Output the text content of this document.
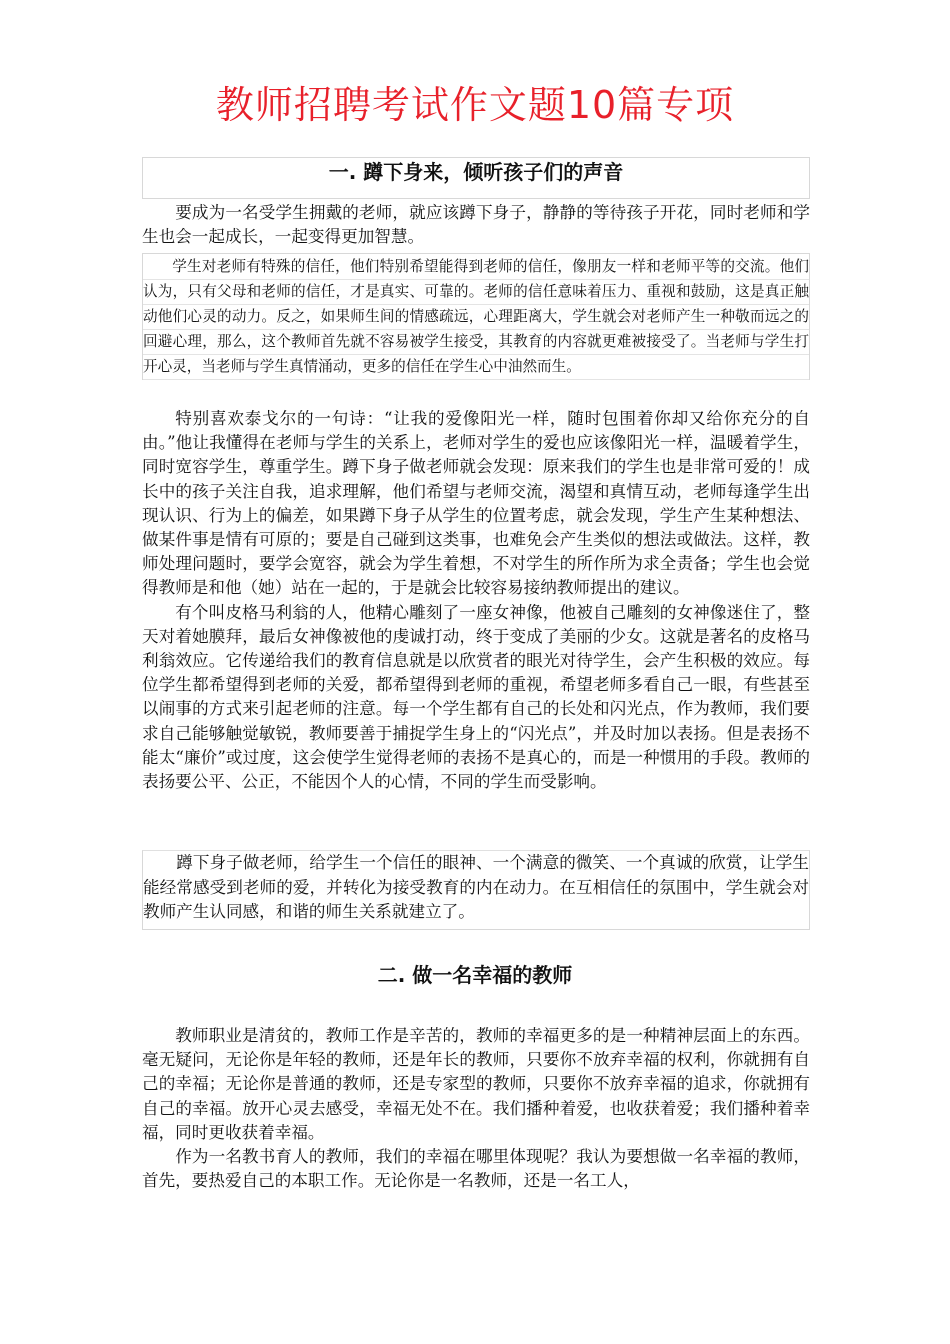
教师招聘考试作文题10篇专项
一. 蹲下身来，倾听孩子们的声音

要成为一名受学生拥戴的老师，就应该蹲下身子，静静的等待孩子开花，同时老师和学生也会一起成长，一起变得更加智慧。

学生对老师有特殊的信任，他们特别希望能得到老师的信任，像朋友一样和老师平等的交流。他们认为，只有父母和老师的信任，才是真实、可靠的。老师的信任意味着压力、重视和鼓励，这是真正触动他们心灵的动力。反之，如果师生间的情感疏远，心理距离大，学生就会对老师产生一种敬而远之的回避心理，那么，这个教师首先就不容易被学生接受，其教育的内容就更难被接受了。当老师与学生打开心灵，当老师与学生真情涌动，更多的信任在学生心中油然而生。

特别喜欢泰戈尔的一句诗：“让我的爱像阳光一样，随时包围着你却又给你充分的自由。”他让我懂得在老师与学生的关系上，老师对学生的爱也应该像阳光一样，温暖着学生，同时宽容学生，尊重学生。蹲下身子做老师就会发现：原来我们的学生也是非常可爱的！成长中的孩子关注自我，追求理解，他们希望与老师交流，渴望和真情互动，老师每逢学生出现认识、行为上的偏差，如果蹲下身子从学生的位置考虑，就会发现，学生产生某种想法、做某件事是情有可原的；要是自己碰到这类事，也难免会产生类似的想法或做法。这样，教师处理问题时，要学会宽容，就会为学生着想，不对学生的所作所为求全责备；学生也会觉得教师是和他（她）站在一起的，于是就会比较容易接纳教师提出的建议。

有个叫皮格马利翁的人，他精心雕刻了一座女神像，他被自己雕刻的女神像迷住了，整天对着她膜拜，最后女神像被他的虔诚打动，终于变成了美丽的少女。这就是著名的皮格马利翁效应。它传递给我们的教育信息就是以欣赏者的眼光对待学生，会产生积极的效应。每位学生都希望得到老师的关爱，都希望得到老师的重视，希望老师多看自己一眼，有些甚至以闹事的方式来引起老师的注意。每一个学生都有自己的长处和闪光点，作为教师，我们要求自己能够触觉敏锐，教师要善于捕捉学生身上的“闪光点”，并及时加以表扬。但是表扬不能太“廉价”或过度，这会使学生觉得老师的表扬不是真心的，而是一种惯用的手段。教师的表扬要公平、公正，不能因个人的心情，不同的学生而受影响。

蹲下身子做老师，给学生一个信任的眼神、一个满意的微笑、一个真诚的欣赏，让学生能经常感受到老师的爱，并转化为接受教育的内在动力。在互相信任的氛围中，学生就会对教师产生认同感，和谐的师生关系就建立了。

二. 做一名幸福的教师

教师职业是清贫的，教师工作是辛苦的，教师的幸福更多的是一种精神层面上的东西。毫无疑问，无论你是年轻的教师，还是年长的教师，只要你不放弃幸福的权利，你就拥有自己的幸福；无论你是普通的教师，还是专家型的教师，只要你不放弃幸福的追求，你就拥有自己的幸福。放开心灵去感受，幸福无处不在。我们播种着爱，也收获着爱；我们播种着幸福，同时更收获着幸福。

作为一名教书育人的教师，我们的幸福在哪里体现呢？我认为要想做一名幸福的教师，首先，要热爱自己的本职工作。无论你是一名教师，还是一名工人，
